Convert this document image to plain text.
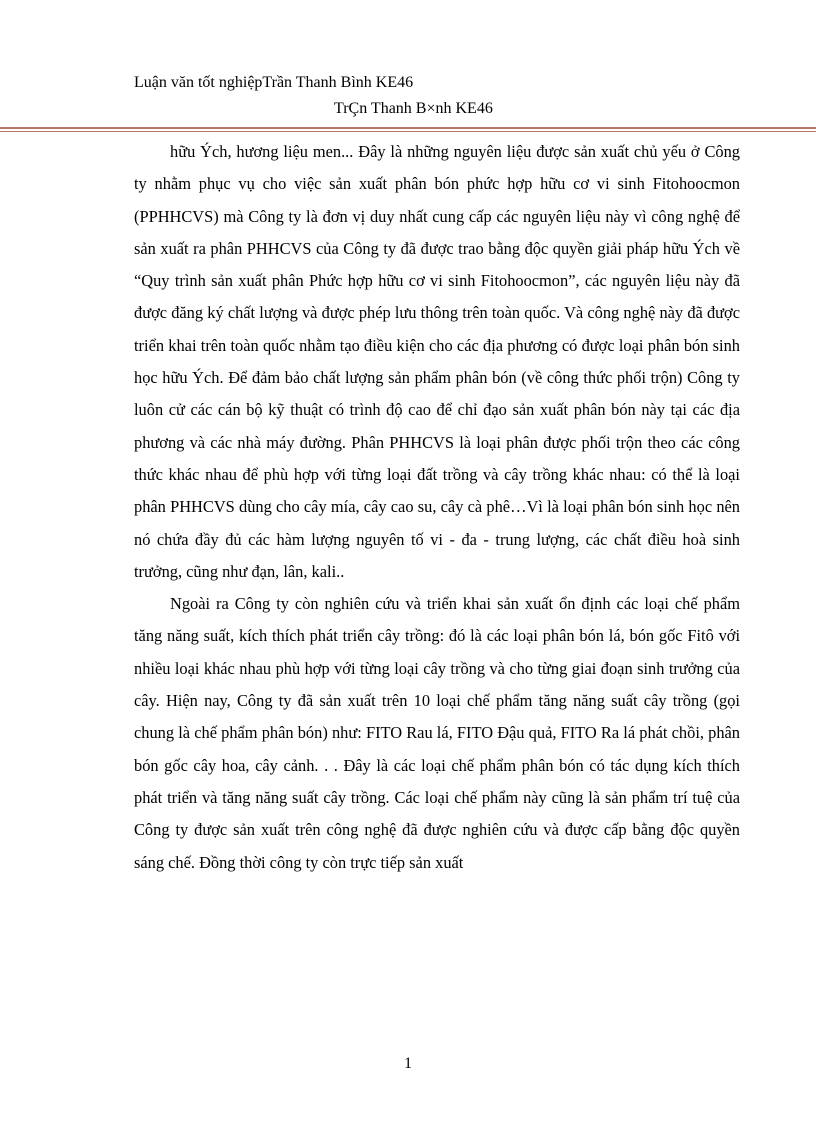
Luận văn tốt nghiệpTrần Thanh Bình KE46
TrÇn Thanh B×nh KE46

hữu Ých, hương liệu men... Đây là những nguyên liệu được sản xuất chủ yếu ở Công ty nhằm phục vụ cho việc sản xuất phân bón phức hợp hữu cơ vi sinh Fitohoocmon (PPHHCVS) mà Công ty là đơn vị duy nhất cung cấp các nguyên liệu này vì công nghệ để sản xuất ra phân PHHCVS của Công ty đã được trao bằng độc quyền giải pháp hữu Ých về “Quy trình sản xuất phân Phức hợp hữu cơ vi sinh Fitohoocmon”, các nguyên liệu này đã được đăng ký chất lượng và được phép lưu thông trên toàn quốc. Và công nghệ này đã được triển khai trên toàn quốc nhằm tạo điều kiện cho các địa phương có được loại phân bón sinh học hữu Ých. Để đảm bảo chất lượng sản phẩm phân bón (về công thức phối trộn) Công ty luôn cử các cán bộ kỹ thuật có trình độ cao để chỉ đạo sản xuất phân bón này tại các địa phương và các nhà máy đường. Phân PHHCVS là loại phân được phối trộn theo các công thức khác nhau để phù hợp với từng loại đất trồng và cây trồng khác nhau: có thể là loại phân PHHCVS dùng cho cây mía, cây cao su, cây cà phê…Vì là loại phân bón sinh học nên nó chứa đầy đủ các hàm lượng nguyên tố vi - đa - trung lượng, các chất điều hoà sinh trưởng, cũng như đạn, lân, kali..

Ngoài ra Công ty còn nghiên cứu và triển khai sản xuất ổn định các loại chế phẩm tăng năng suất, kích thích phát triển cây trồng: đó là các loại phân bón lá, bón gốc Fitô với nhiều loại khác nhau phù hợp với từng loại cây trồng và cho từng giai đoạn sinh trưởng của cây. Hiện nay, Công ty đã sản xuất trên 10 loại chế phẩm tăng năng suất cây trồng (gọi chung là chế phẩm phân bón) như: FITO Rau lá, FITO Đậu quả, FITO Ra lá phát chồi, phân bón gốc cây hoa, cây cảnh. . . Đây là các loại chế phẩm phân bón có tác dụng kích thích phát triển và tăng năng suất cây trồng. Các loại chế phẩm này cũng là sản phẩm trí tuệ của Công ty được sản xuất trên công nghệ đã được nghiên cứu và được cấp bằng độc quyền sáng chế. Đồng thời công ty còn trực tiếp sản xuất

1
